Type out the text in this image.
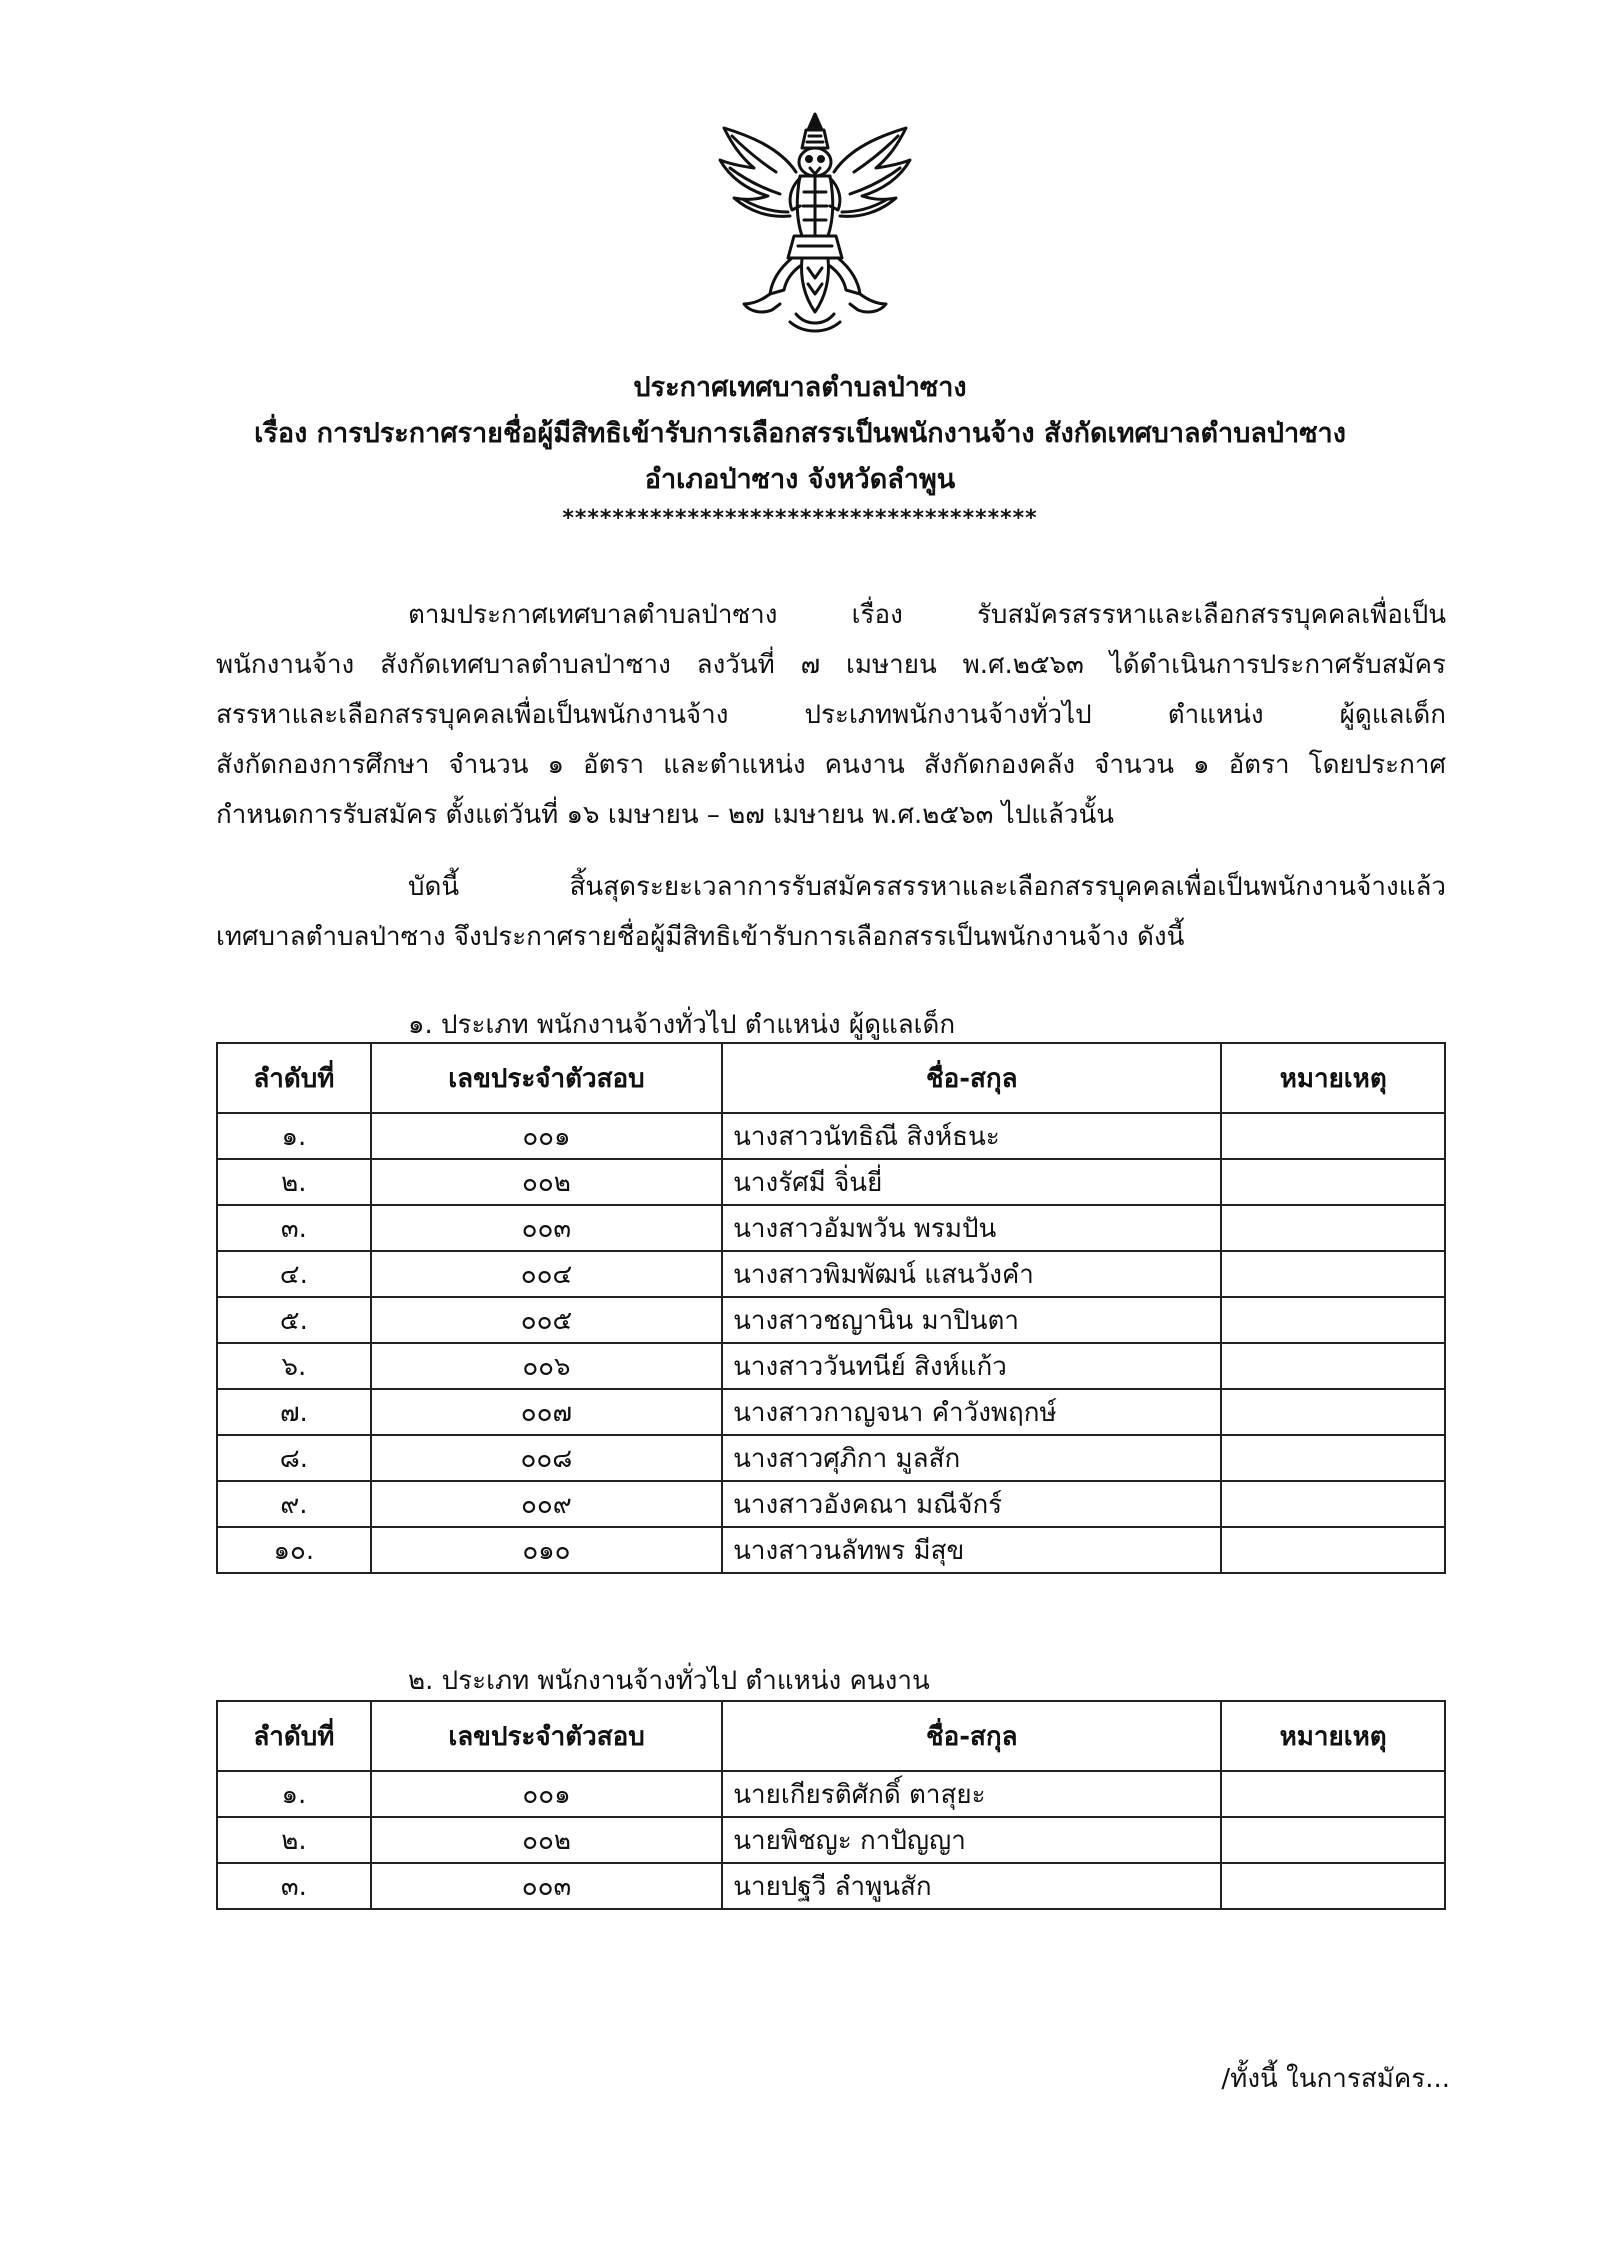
ประกาศเทศบาลตำบลป่าซาง
เรื่อง การประกาศรายชื่อผู้มีสิทธิเข้ารับการเลือกสรรเป็นพนักงานจ้าง สังกัดเทศบาลตำบลป่าซาง
อำเภอป่าซาง จังหวัดลำพูน
**************************************
ตามประกาศเทศบาลตำบลป่าซาง เรื่อง รับสมัครสรรหาและเลือกสรรบุคคลเพื่อเป็น
พนักงานจ้าง สังกัดเทศบาลตำบลป่าซาง ลงวันที่ ๗ เมษายน พ.ศ.๒๕๖๓ ได้ดำเนินการประกาศรับสมัคร
สรรหาและเลือกสรรบุคคลเพื่อเป็นพนักงานจ้าง ประเภทพนักงานจ้างทั่วไป ตำแหน่ง ผู้ดูแลเด็ก
สังกัดกองการศึกษา จำนวน ๑ อัตรา และตำแหน่ง คนงาน สังกัดกองคลัง จำนวน ๑ อัตรา โดยประกาศ
กำหนดการรับสมัคร ตั้งแต่วันที่ ๑๖ เมษายน – ๒๗ เมษายน พ.ศ.๒๕๖๓ ไปแล้วนั้น
บัดนี้ สิ้นสุดระยะเวลาการรับสมัครสรรหาและเลือกสรรบุคคลเพื่อเป็นพนักงานจ้างแล้ว
เทศบาลตำบลป่าซาง จึงประกาศรายชื่อผู้มีสิทธิเข้ารับการเลือกสรรเป็นพนักงานจ้าง ดังนี้
๑. ประเภท พนักงานจ้างทั่วไป ตำแหน่ง ผู้ดูแลเด็ก
ลำดับที่	เลขประจำตัวสอบ	ชื่อ-สกุล	หมายเหตุ
๑.	๐๐๑	นางสาวนัทธิณี สิงห์ธนะ	
๒.	๐๐๒	นางรัศมี จิ่นยี่	
๓.	๐๐๓	นางสาวอัมพวัน พรมปัน	
๔.	๐๐๔	นางสาวพิมพัฒน์ แสนวังคำ	
๕.	๐๐๕	นางสาวชญานิน มาปินตา	
๖.	๐๐๖	นางสาววันทนีย์ สิงห์แก้ว	
๗.	๐๐๗	นางสาวกาญจนา คำวังพฤกษ์	
๘.	๐๐๘	นางสาวศุภิกา มูลสัก	
๙.	๐๐๙	นางสาวอังคณา มณีจักร์	
๑๐.	๐๑๐	นางสาวนลัทพร มีสุข	
๒. ประเภท พนักงานจ้างทั่วไป ตำแหน่ง คนงาน
ลำดับที่	เลขประจำตัวสอบ	ชื่อ-สกุล	หมายเหตุ
๑.	๐๐๑	นายเกียรติศักดิ์ ตาสุยะ	
๒.	๐๐๒	นายพิชญะ กาปัญญา	
๓.	๐๐๓	นายปฐวี ลำพูนสัก	
/ทั้งนี้ ในการสมัคร...
